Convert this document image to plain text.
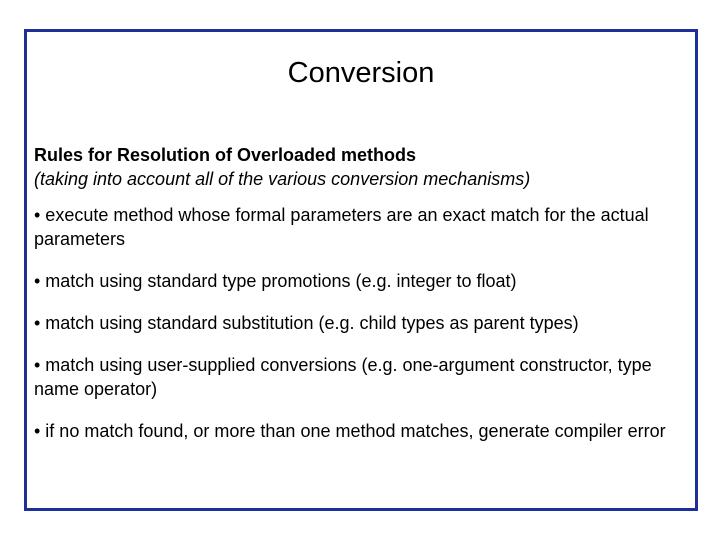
Conversion
Rules for Resolution of Overloaded methods
(taking into account all of the various conversion mechanisms)
• execute method whose formal parameters are an exact match for the actual parameters
• match using standard type promotions (e.g. integer to float)
• match using standard substitution (e.g. child types as parent types)
• match using user-supplied conversions (e.g. one-argument constructor, type name operator)
• if no match found, or more than one method matches, generate compiler error
